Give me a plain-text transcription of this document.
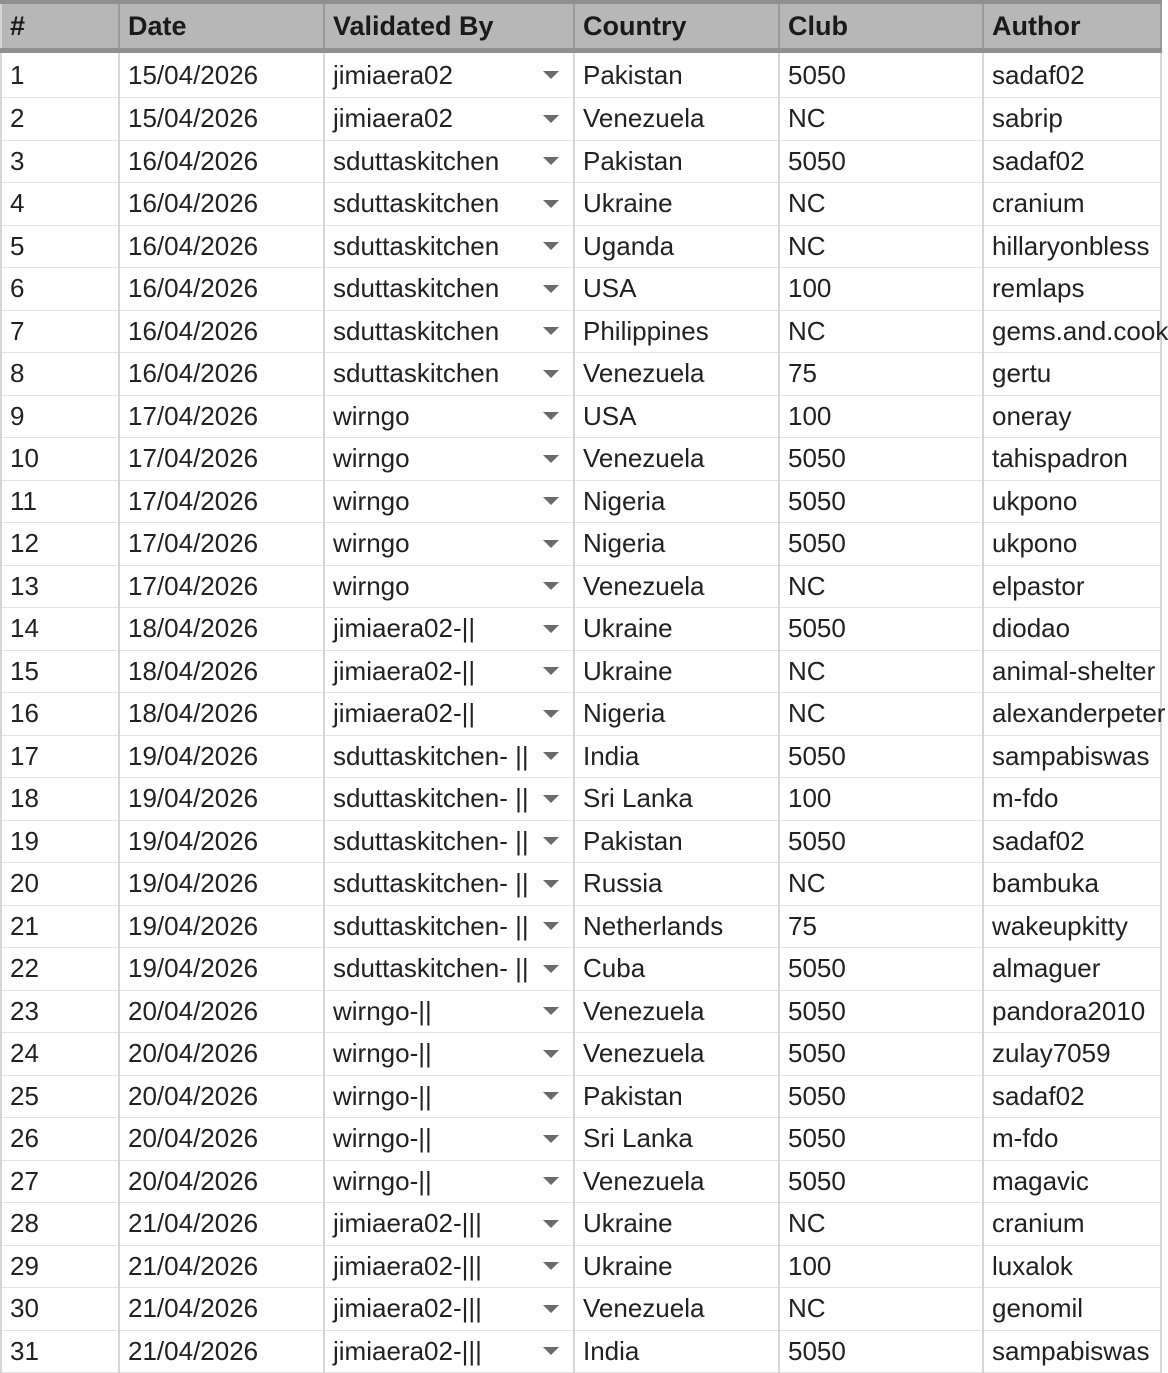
#	Date	Validated By	Country	Club	Author
1	15/04/2026	jimiaera02	Pakistan	5050	sadaf02
2	15/04/2026	jimiaera02	Venezuela	NC	sabrip
3	16/04/2026	sduttaskitchen	Pakistan	5050	sadaf02
4	16/04/2026	sduttaskitchen	Ukraine	NC	cranium
5	16/04/2026	sduttaskitchen	Uganda	NC	hillaryonbless
6	16/04/2026	sduttaskitchen	USA	100	remlaps
7	16/04/2026	sduttaskitchen	Philippines	NC	gems.and.cook
8	16/04/2026	sduttaskitchen	Venezuela	75	gertu
9	17/04/2026	wirngo	USA	100	oneray
10	17/04/2026	wirngo	Venezuela	5050	tahispadron
11	17/04/2026	wirngo	Nigeria	5050	ukpono
12	17/04/2026	wirngo	Nigeria	5050	ukpono
13	17/04/2026	wirngo	Venezuela	NC	elpastor
14	18/04/2026	jimiaera02-||	Ukraine	5050	diodao
15	18/04/2026	jimiaera02-||	Ukraine	NC	animal-shelter
16	18/04/2026	jimiaera02-||	Nigeria	NC	alexanderpeter
17	19/04/2026	sduttaskitchen- ||	India	5050	sampabiswas
18	19/04/2026	sduttaskitchen- ||	Sri Lanka	100	m-fdo
19	19/04/2026	sduttaskitchen- ||	Pakistan	5050	sadaf02
20	19/04/2026	sduttaskitchen- ||	Russia	NC	bambuka
21	19/04/2026	sduttaskitchen- ||	Netherlands	75	wakeupkitty
22	19/04/2026	sduttaskitchen- ||	Cuba	5050	almaguer
23	20/04/2026	wirngo-||	Venezuela	5050	pandora2010
24	20/04/2026	wirngo-||	Venezuela	5050	zulay7059
25	20/04/2026	wirngo-||	Pakistan	5050	sadaf02
26	20/04/2026	wirngo-||	Sri Lanka	5050	m-fdo
27	20/04/2026	wirngo-||	Venezuela	5050	magavic
28	21/04/2026	jimiaera02-|||	Ukraine	NC	cranium
29	21/04/2026	jimiaera02-|||	Ukraine	100	luxalok
30	21/04/2026	jimiaera02-|||	Venezuela	NC	genomil
31	21/04/2026	jimiaera02-|||	India	5050	sampabiswas
